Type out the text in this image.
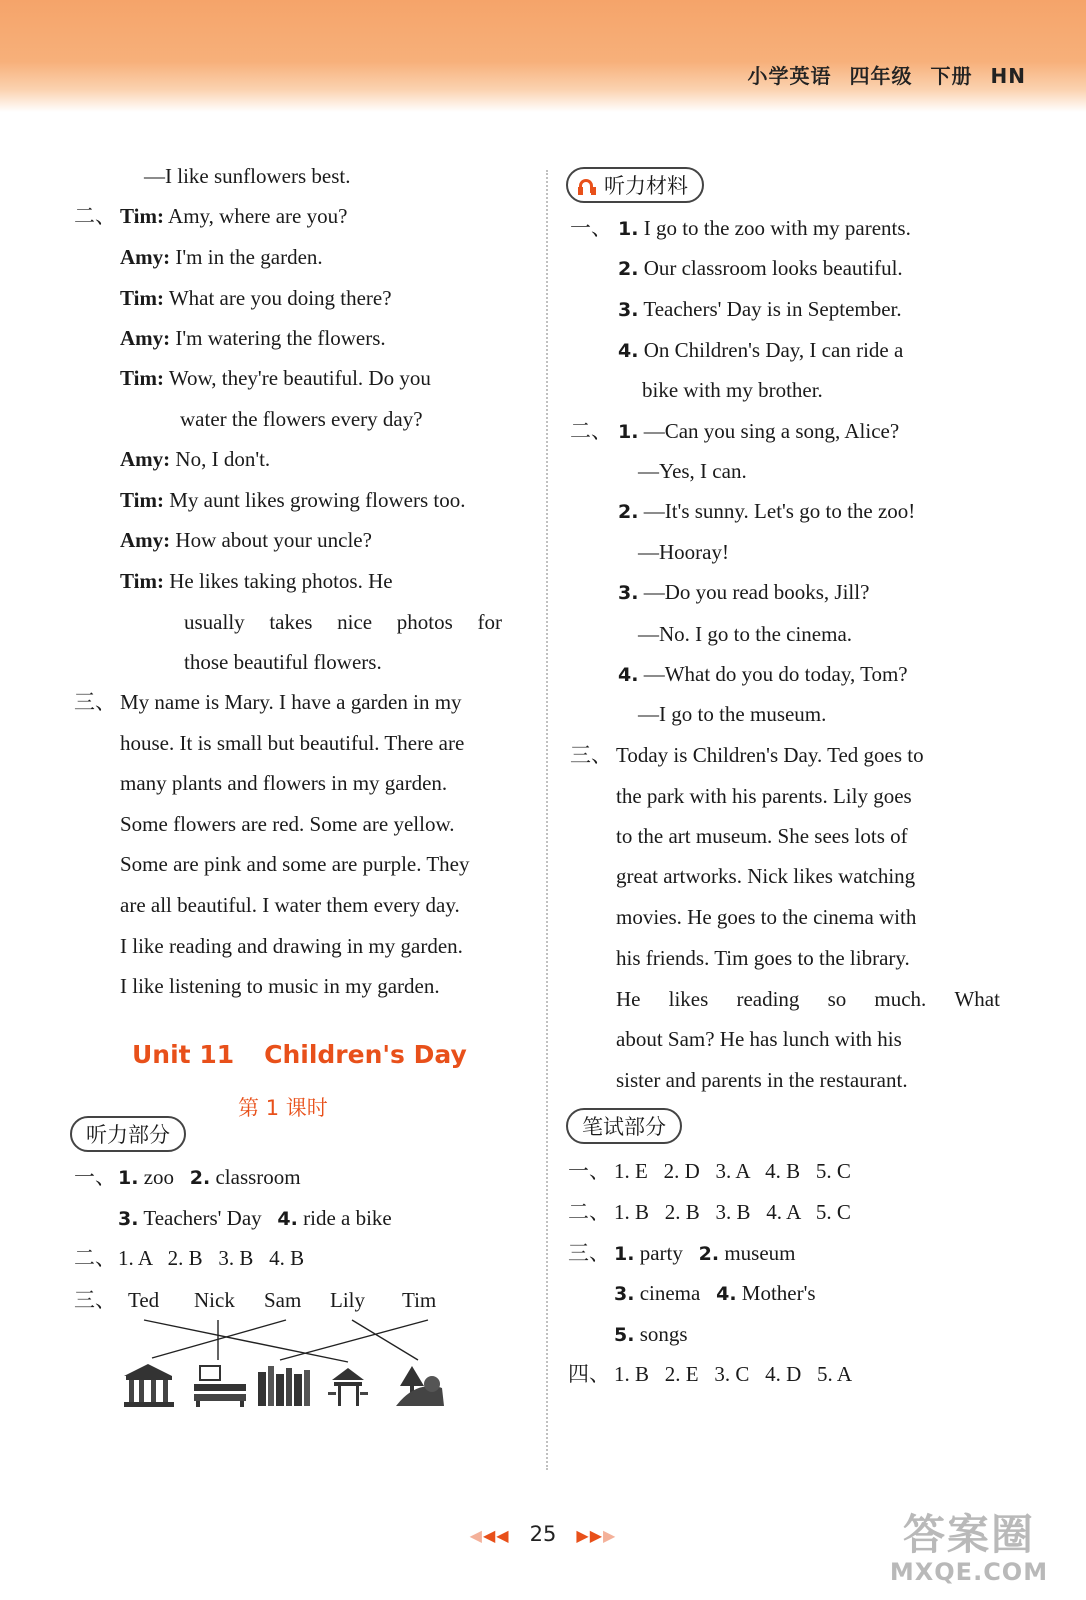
小学英语 四年级 下册 HN
—I like sunflowers best.
二、 Tim: Amy, where are you?
Amy: I'm in the garden.
Tim: What are you doing there?
Amy: I'm watering the flowers.
Tim: Wow, they're beautiful. Do you
water the flowers every day?
Amy: No, I don't.
Tim: My aunt likes growing flowers too.
Amy: How about your uncle?
Tim: He likes taking photos. He
usually takes nice photos for
those beautiful flowers.
三、 My name is Mary. I have a garden in my
house. It is small but beautiful. There are
many plants and flowers in my garden.
Some flowers are red. Some are yellow.
Some are pink and some are purple. They
are all beautiful. I water them every day.
I like reading and drawing in my garden.
I like listening to music in my garden.
Unit 11 Children's Day
第 1 课时
听力部分
一、 1. zoo 2. classroom
3. Teachers' Day 4. ride a bike
二、 1. A   2. B   3. B   4. B
三、 Ted Nick Sam Lily Tim
听力材料
一、 1. I go to the zoo with my parents.
2. Our classroom looks beautiful.
3. Teachers' Day is in September.
4. On Children's Day, I can ride a
bike with my brother.
二、 1. —Can you sing a song, Alice?
—Yes, I can.
2. —It's sunny. Let's go to the zoo!
—Hooray!
3. —Do you read books, Jill?
—No. I go to the cinema.
4. —What do you do today, Tom?
—I go to the museum.
三、 Today is Children's Day. Ted goes to
the park with his parents. Lily goes
to the art museum. She sees lots of
great artworks. Nick likes watching
movies. He goes to the cinema with
his friends. Tim goes to the library.
He likes reading so much. What
about Sam? He has lunch with his
sister and parents in the restaurant.
笔试部分
一、 1. E   2. D   3. A   4. B   5. C
二、 1. B   2. B   3. B   4. A   5. C
三、 1. party 2. museum
3. cinema 4. Mother's
5. songs
四、 1. B   2. E   3. C   4. D   5. A
◀◀◀ 25 ▶▶▶	答案圈
MXQE.COM
